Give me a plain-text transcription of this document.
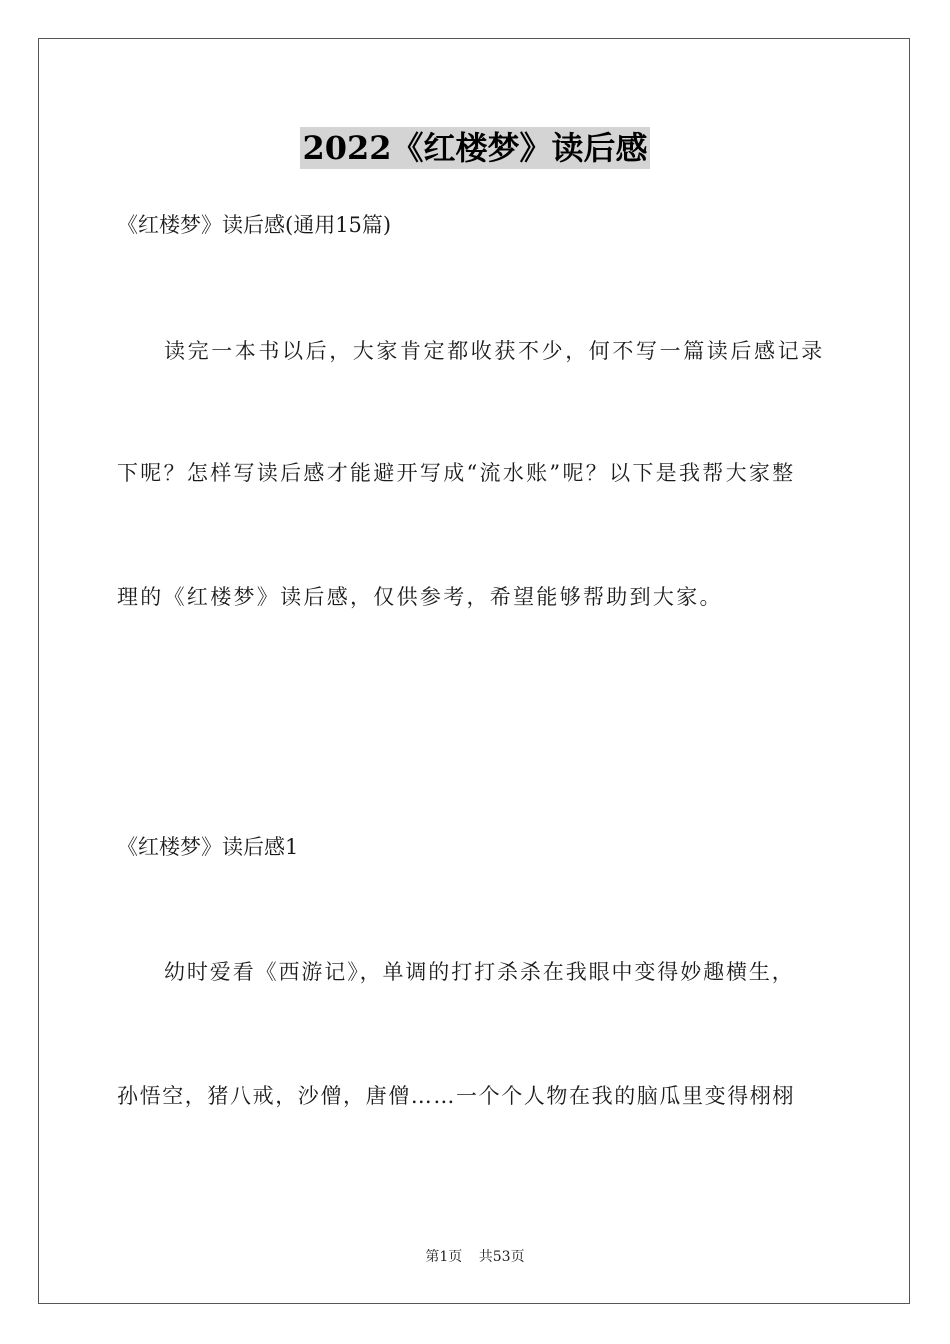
2022《红楼梦》读后感
《红楼梦》读后感(通用15篇)
读完一本书以后，大家肯定都收获不少，何不写一篇读后感记录
下呢？怎样写读后感才能避开写成“流水账”呢？以下是我帮大家整
理的《红楼梦》读后感，仅供参考，希望能够帮助到大家。
《红楼梦》读后感1
幼时爱看《西游记》，单调的打打杀杀在我眼中变得妙趣横生，
孙悟空，猪八戒，沙僧，唐僧……一个个人物在我的脑瓜里变得栩栩
第1页 共53页
